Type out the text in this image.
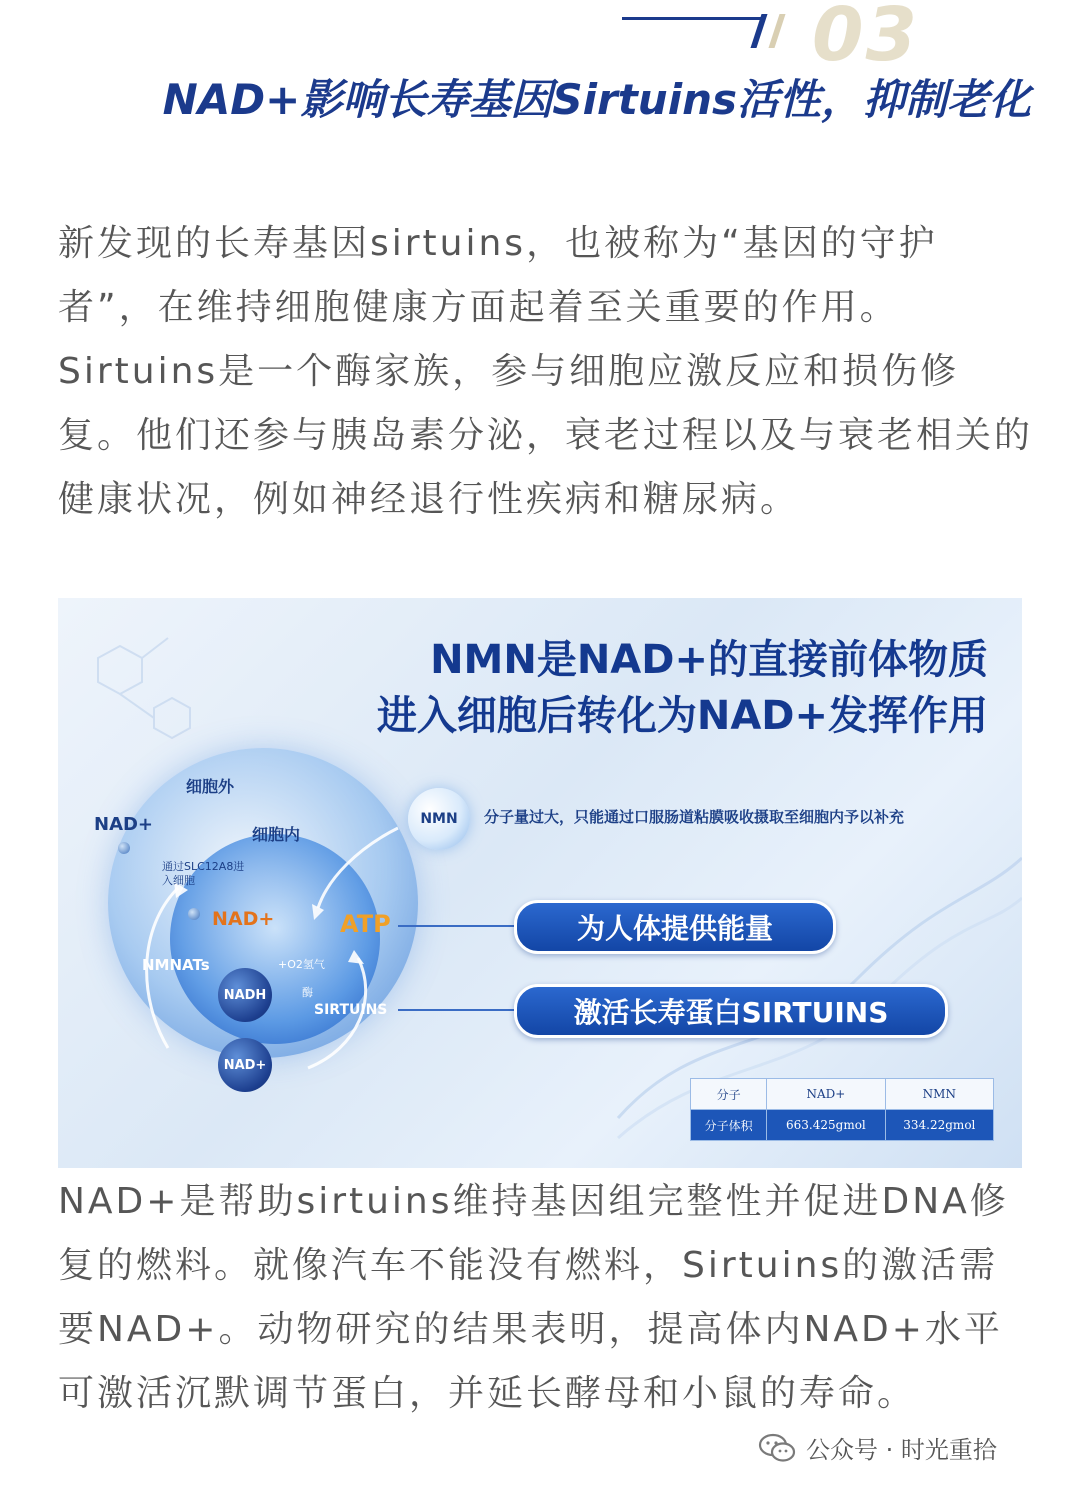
03
NAD+影响长寿基因Sirtuins活性，抑制老化

新发现的长寿基因sirtuins，也被称为“基因的守护者”，在维持细胞健康方面起着至关重要的作用。Sirtuins是一个酶家族，参与细胞应激反应和损伤修复。他们还参与胰岛素分泌，衰老过程以及与衰老相关的健康状况，例如神经退行性疾病和糖尿病。

NMN是NAD+的直接前体物质
进入细胞后转化为NAD+发挥作用
细胞外
细胞内
NAD+
通过SLC12A8进入细胞
NAD+	ATP
NMNATs	+O2氢气
酶
SIRTUINS
NADH
NAD+
NMN	分子量过大，只能通过口服肠道粘膜吸收摄取至细胞内予以补充
为人体提供能量
激活长寿蛋白SIRTUINS
分子	NAD+	NMN
分子体积	663.425gmol	334.22gmol

NAD+是帮助sirtuins维持基因组完整性并促进DNA修复的燃料。就像汽车不能没有燃料，Sirtuins的激活需要NAD+。动物研究的结果表明，提高体内NAD+水平可激活沉默调节蛋白，并延长酵母和小鼠的寿命。

公众号 · 时光重拾
